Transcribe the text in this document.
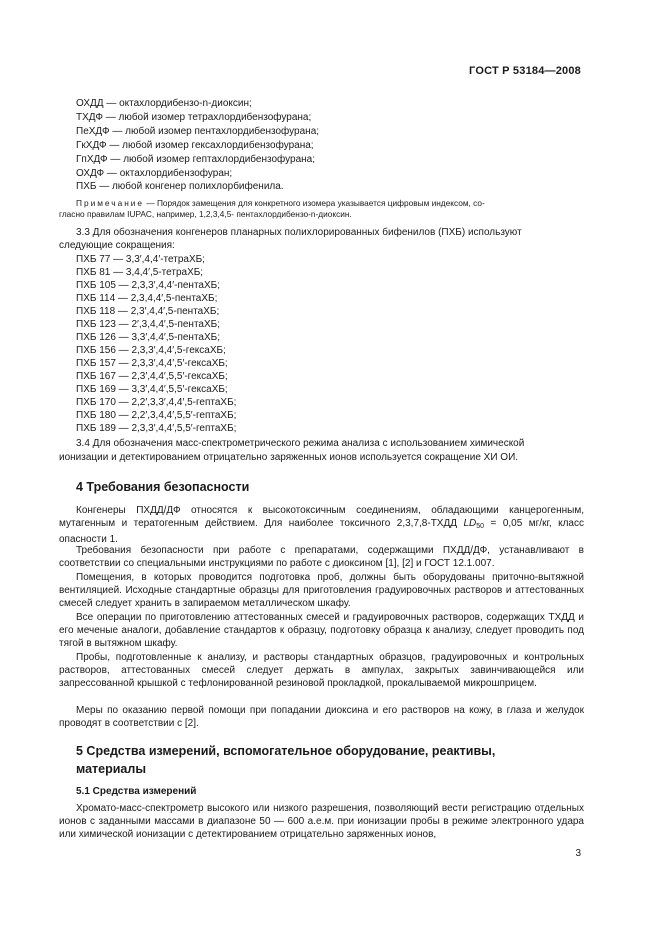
ГОСТ Р 53184—2008
ОХДД — октахлордибензо-n-диоксин;
ТХДФ — любой изомер тетрахлордибензофурана;
ПеХДФ — любой изомер пентахлордибензофурана;
ГкХДФ — любой изомер гексахлордибензофурана;
ГпХДФ — любой изомер гептахлордибензофурана;
ОХДФ — октахлордибензофуран;
ПХБ — любой конгенер полихлорбифенила.
Примечание — Порядок замещения для конкретного изомера указывается цифровым индексом, со-
гласно правилам IUPAC, например, 1,2,3,4,5- пентахлордибензо-n-диоксин.
3.3 Для обозначения конгенеров планарных полихлорированных бифенилов (ПХБ) используют
следующие сокращения:
ПХБ 77 — 3,3′,4,4′-тетраХБ;
ПХБ 81 — 3,4,4′,5-тетраХБ;
ПХБ 105 — 2,3,3′,4,4′-пентаХБ;
ПХБ 114 — 2,3,4,4′,5-пентаХБ;
ПХБ 118 — 2,3′,4,4′,5-пентаХБ;
ПХБ 123 — 2′,3,4,4′,5-пентаХБ;
ПХБ 126 — 3,3′,4,4′,5-пентаХБ;
ПХБ 156 — 2,3,3′,4,4′,5-гексаХБ;
ПХБ 157 — 2,3,3′,4,4′,5′-гексаХБ;
ПХБ 167 — 2,3′,4,4′,5,5′-гексаХБ;
ПХБ 169 — 3,3′,4,4′,5,5′-гексаХБ;
ПХБ 170 — 2,2′,3,3′,4,4′,5-гептаХБ;
ПХБ 180 — 2,2′,3,4,4′,5,5′-гептаХБ;
ПХБ 189 — 2,3,3′,4,4′,5,5′-гептаХБ;
3.4 Для обозначения масс-спектрометрического режима анализа с использованием химической
ионизации и детектированием отрицательно заряженных ионов используется сокращение ХИ ОИ.
4 Требования безопасности
Конгенеры ПХДД/ДФ относятся к высокотоксичным соединениям, обладающими канцерогенным, мутагенным и тератогенным действием. Для наиболее токсичного 2,3,7,8-ТХДД $LD_{50} = 0,05$ мг/кг, класс опасности 1.
Требования безопасности при работе с препаратами, содержащими ПХДД/ДФ, устанавливают в соответствии со специальными инструкциями по работе с диоксином [1], [2] и ГОСТ 12.1.007.
Помещения, в которых проводится подготовка проб, должны быть оборудованы приточно-вытяжной вентиляцией. Исходные стандартные образцы для приготовления градуировочных растворов и аттестованных смесей следует хранить в запираемом металлическом шкафу.
Все операции по приготовлению аттестованных смесей и градуировочных растворов, содержащих ТХДД и его меченые аналоги, добавление стандартов к образцу, подготовку образца к анализу, следует проводить под тягой в вытяжном шкафу.
Пробы, подготовленные к анализу, и растворы стандартных образцов, градуировочных и контрольных растворов, аттестованных смесей следует держать в ампулах, закрытых завинчивающейся или запрессованной крышкой с тефлонированной резиновой прокладкой, прокалываемой микрошприцем.
Меры по оказанию первой помощи при попадании диоксина и его растворов на кожу, в глаза и желудок проводят в соответствии с [2].
5 Средства измерений, вспомогательное оборудование, реактивы,
материалы
5.1 Средства измерений
Хромато-масс-спектрометр высокого или низкого разрешения, позволяющий вести регистрацию отдельных ионов с заданными массами в диапазоне 50 — 600 а.е.м. при ионизации пробы в режиме электронного удара или химической ионизации с детектированием отрицательно заряженных ионов,
3
